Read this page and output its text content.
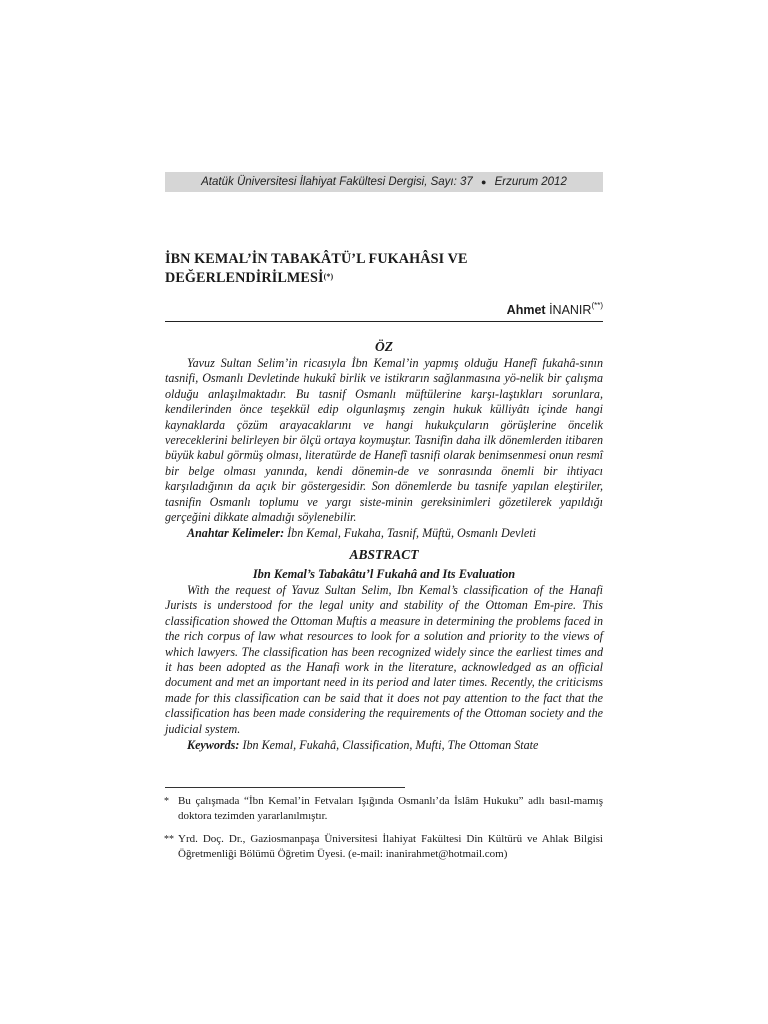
Atatük Üniversitesi İlahiyat Fakültesi Dergisi, Sayı: 37 ● Erzurum 2012
İBN KEMAL’İN TABAKÂTÜ’L FUKAHÂSI VE
DEĞERLENDİRİLMESİ(*)
Ahmet İNANIR(**)
ÖZ

Yavuz Sultan Selim’in ricasıyla İbn Kemal’in yapmış olduğu Hanefî fukahâ-sının tasnifi, Osmanlı Devletinde hukukî birlik ve istikrarın sağlanmasına yö-nelik bir çalışma olduğu anlaşılmaktadır. Bu tasnif Osmanlı müftülerine karşı-laştıkları sorunlara, kendilerinden önce teşekkül edip olgunlaşmış zengin hukuk külliyâtı içinde hangi kaynaklarda çözüm arayacaklarını ve hangi hukukçuların görüşlerine öncelik vereceklerini belirleyen bir ölçü ortaya koymuştur. Tasnifin daha ilk dönemlerden itibaren büyük kabul görmüş olması, literatürde de Hanefî tasnifi olarak benimsenmesi onun resmî bir belge olması yanında, kendi dönemin-de ve sonrasında önemli bir ihtiyacı karşıladığının da açık bir göstergesidir. Son dönemlerde bu tasnife yapılan eleştiriler, tasnifin Osmanlı toplumu ve yargı siste-minin gereksinimleri gözetilerek yapıldığı gerçeğini dikkate almadığı söylenebilir.

Anahtar Kelimeler: İbn Kemal, Fukaha, Tasnif, Müftü, Osmanlı Devleti

ABSTRACT
Ibn Kemal’s Tabakâtu’l Fukahâ and Its Evaluation

With the request of Yavuz Sultan Selim, Ibn Kemal’s classification of the Hanafi Jurists is understood for the legal unity and stability of the Ottoman Em-pire. This classification showed the Ottoman Muftis a measure in determining the problems faced in the rich corpus of law what resources to look for a solution and priority to the views of which lawyers. The classification has been recognized widely since the earliest times and it has been adopted as the Hanafi work in the literature, acknowledged as an official document and met an important need in its period and later times. Recently, the criticisms made for this classification can be said that it does not pay attention to the fact that the classification has been made considering the requirements of the Ottoman society and the judicial system.

Keywords: Ibn Kemal, Fukahâ, Classification, Mufti, The Ottoman State

* Bu çalışmada “İbn Kemal’in Fetvaları Işığında Osmanlı’da İslâm Hukuku” adlı basıl-mamış doktora tezimden yararlanılmıştır.
** Yrd. Doç. Dr., Gaziosmanpaşa Üniversitesi İlahiyat Fakültesi Din Kültürü ve Ahlak Bilgisi Öğretmenliği Bölümü Öğretim Üyesi. (e-mail: inanirahmet@hotmail.com)
